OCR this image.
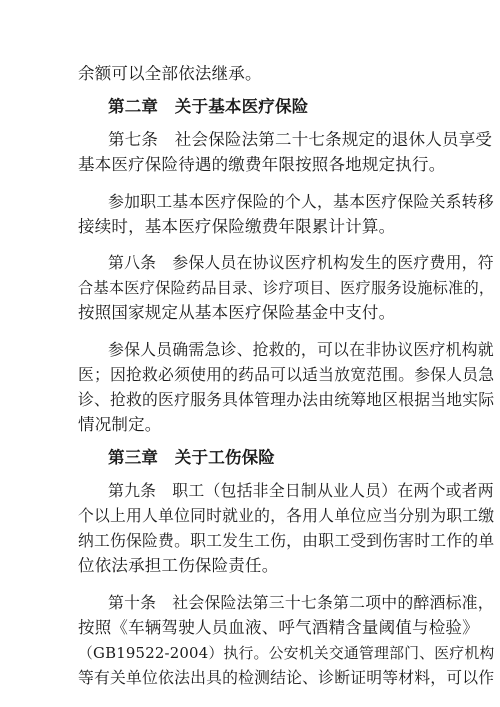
余额可以全部依法继承。
第二章　关于基本医疗保险
第七条　社会保险法第二十七条规定的退休人员享受
基本医疗保险待遇的缴费年限按照各地规定执行。
参加职工基本医疗保险的个人，基本医疗保险关系转移
接续时，基本医疗保险缴费年限累计计算。
第八条　参保人员在协议医疗机构发生的医疗费用，符
合基本医疗保险药品目录、诊疗项目、医疗服务设施标准的，
按照国家规定从基本医疗保险基金中支付。
参保人员确需急诊、抢救的，可以在非协议医疗机构就
医；因抢救必须使用的药品可以适当放宽范围。参保人员急
诊、抢救的医疗服务具体管理办法由统筹地区根据当地实际
情况制定。
第三章　关于工伤保险
第九条　职工（包括非全日制从业人员）在两个或者两
个以上用人单位同时就业的，各用人单位应当分别为职工缴
纳工伤保险费。职工发生工伤，由职工受到伤害时工作的单
位依法承担工伤保险责任。
第十条　社会保险法第三十七条第二项中的醉酒标准，
按照《车辆驾驶人员血液、呼气酒精含量阈值与检验》
（GB19522-2004）执行。公安机关交通管理部门、医疗机构
等有关单位依法出具的检测结论、诊断证明等材料，可以作
